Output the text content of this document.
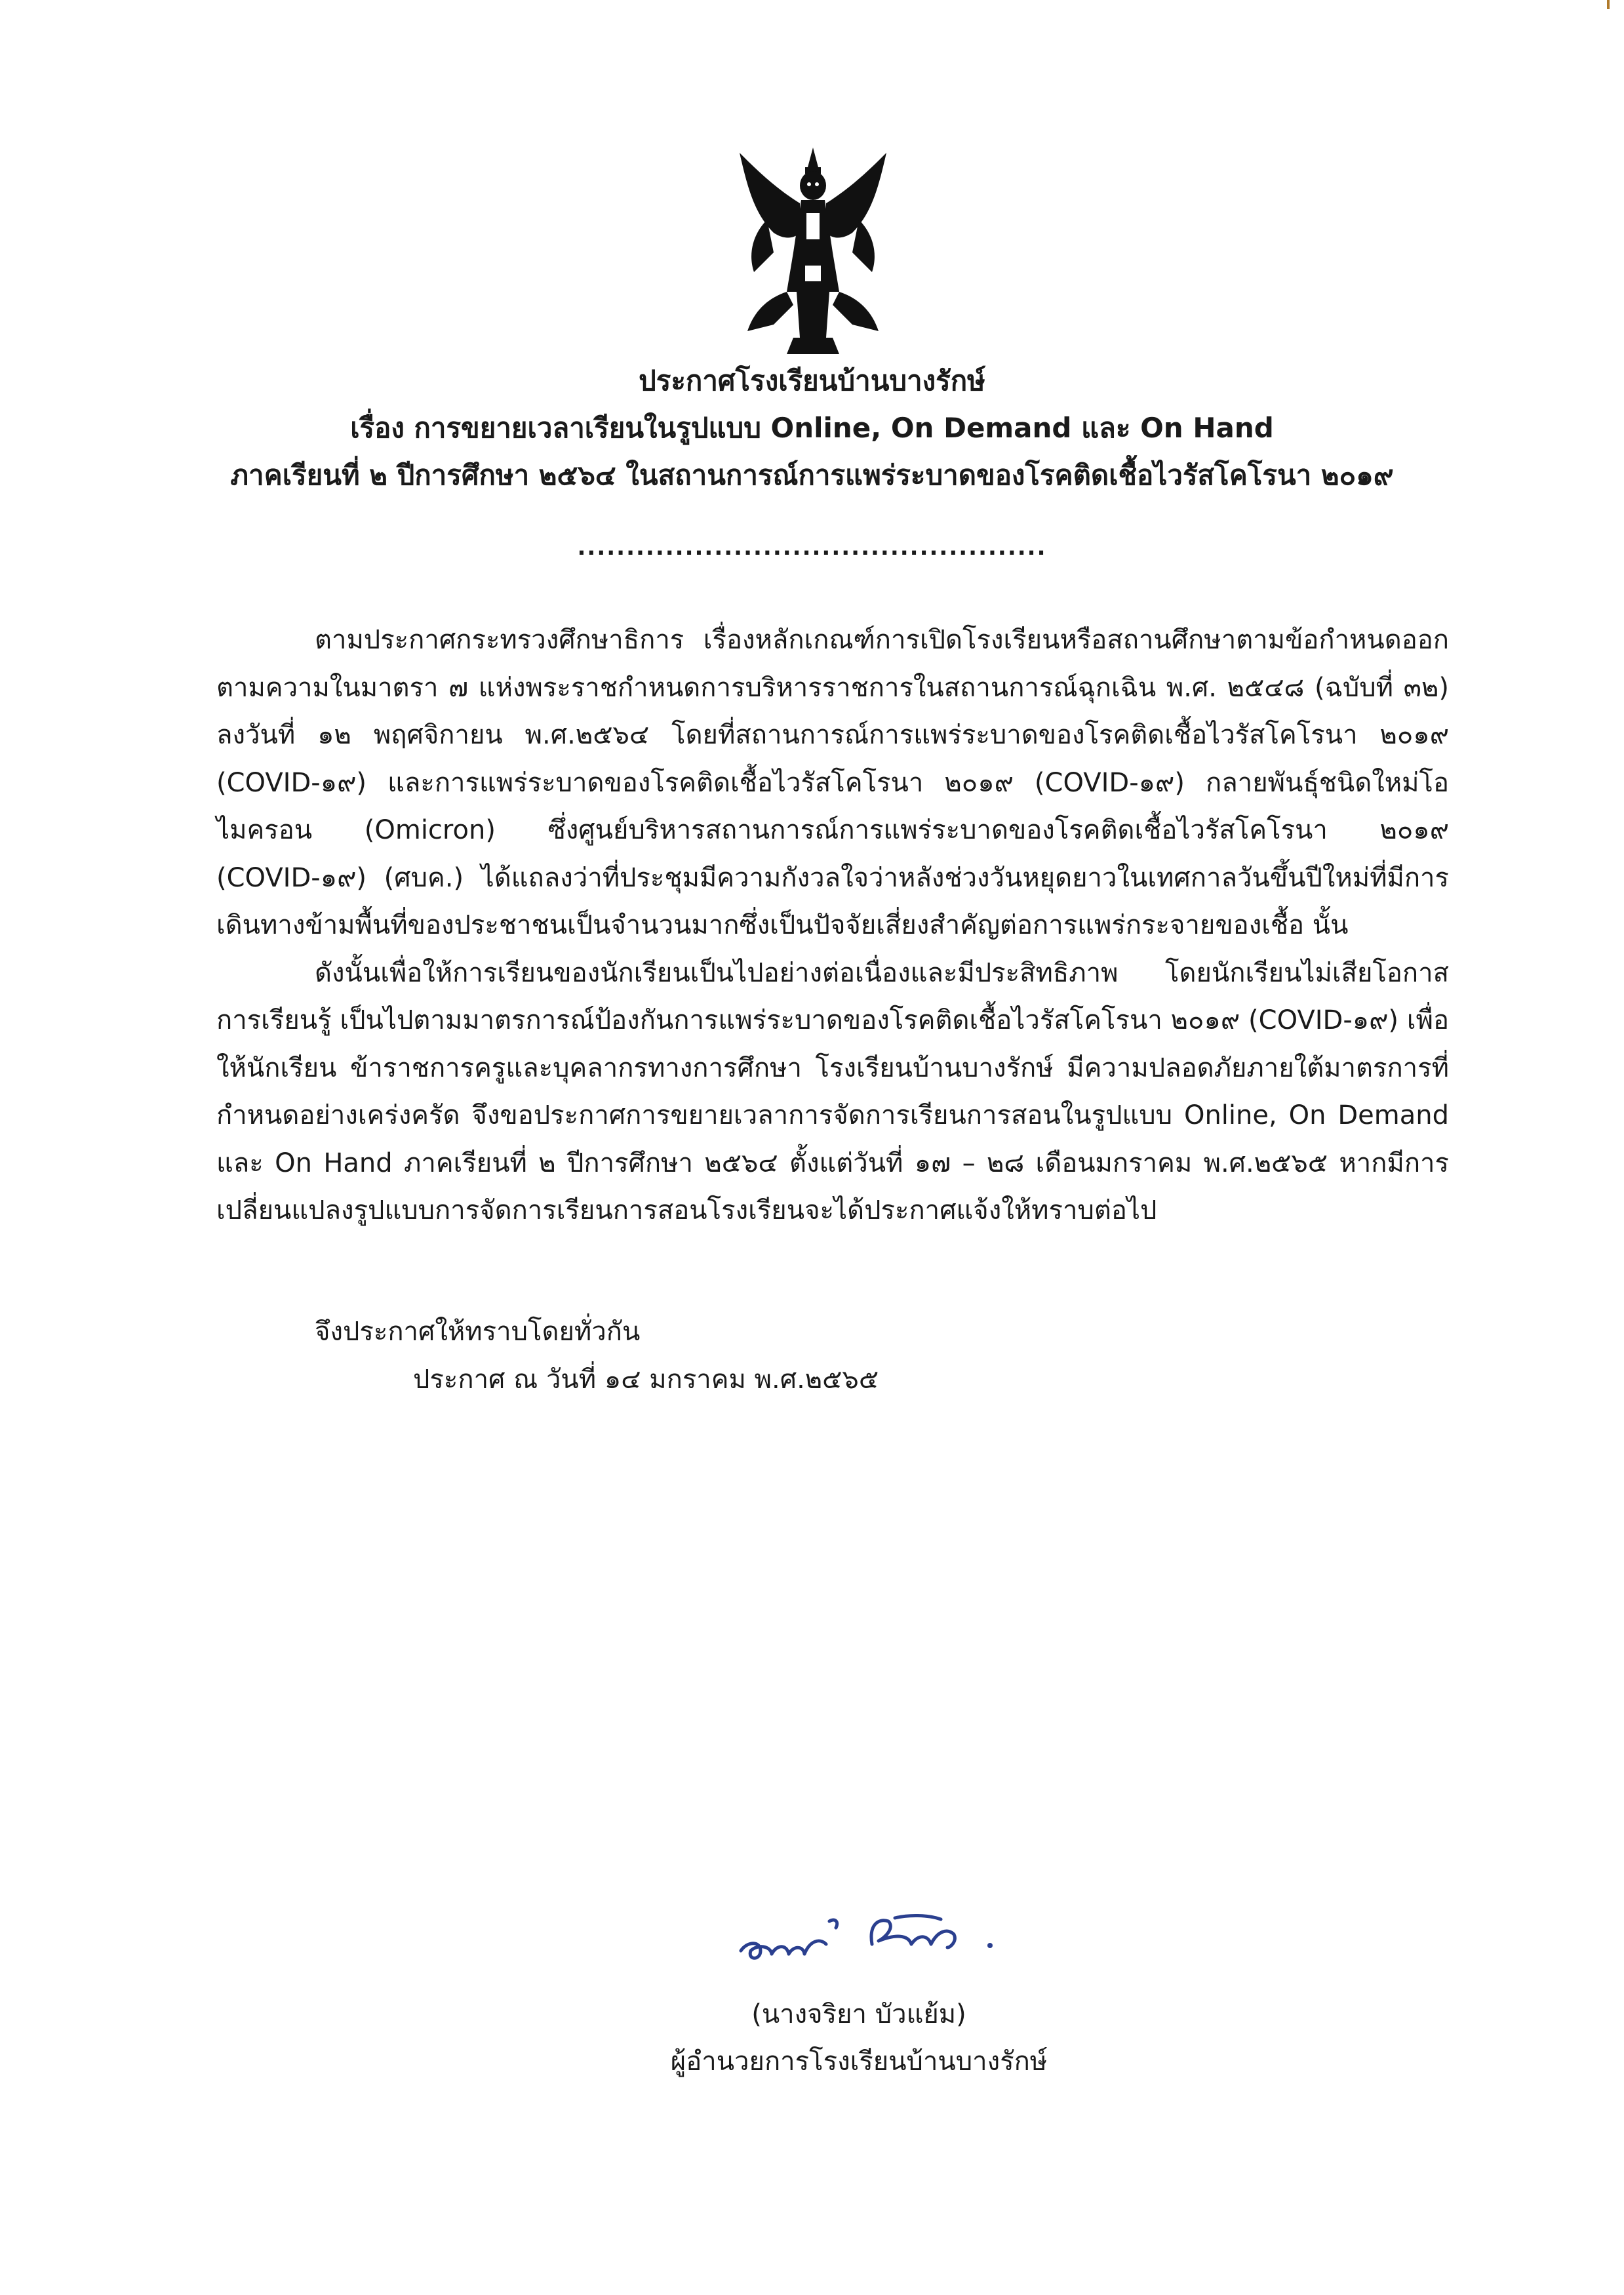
ประกาศโรงเรียนบ้านบางรักษ์
เรื่อง การขยายเวลาเรียนในรูปแบบ Online, On Demand และ On Hand
ภาคเรียนที่ ๒ ปีการศึกษา ๒๕๖๔ ในสถานการณ์การแพร่ระบาดของโรคติดเชื้อไวรัสโคโรนา ๒๐๑๙
................................................

ตามประกาศกระทรวงศึกษาธิการ เรื่องหลักเกณฑ์การเปิดโรงเรียนหรือสถานศึกษาตามข้อกำหนดออกตามความในมาตรา ๗ แห่งพระราชกำหนดการบริหารราชการในสถานการณ์ฉุกเฉิน พ.ศ. ๒๕๔๘ (ฉบับที่ ๓๒) ลงวันที่ ๑๒ พฤศจิกายน พ.ศ.๒๕๖๔ โดยที่สถานการณ์การแพร่ระบาดของโรคติดเชื้อไวรัสโคโรนา ๒๐๑๙ (COVID-๑๙) และการแพร่ระบาดของโรคติดเชื้อไวรัสโคโรนา ๒๐๑๙ (COVID-๑๙) กลายพันธุ์ชนิดใหม่โอไมครอน (Omicron) ซึ่งศูนย์บริหารสถานการณ์การแพร่ระบาดของโรคติดเชื้อไวรัสโคโรนา ๒๐๑๙ (COVID-๑๙) (ศบค.) ได้แถลงว่าที่ประชุมมีความกังวลใจว่าหลังช่วงวันหยุดยาวในเทศกาลวันขึ้นปีใหม่ที่มีการเดินทางข้ามพื้นที่ของประชาชนเป็นจำนวนมากซึ่งเป็นปัจจัยเสี่ยงสำคัญต่อการแพร่กระจายของเชื้อ นั้น

ดังนั้นเพื่อให้การเรียนของนักเรียนเป็นไปอย่างต่อเนื่องและมีประสิทธิภาพ โดยนักเรียนไม่เสียโอกาสการเรียนรู้ เป็นไปตามมาตรการณ์ป้องกันการแพร่ระบาดของโรคติดเชื้อไวรัสโคโรนา ๒๐๑๙ (COVID-๑๙) เพื่อให้นักเรียน ข้าราชการครูและบุคลากรทางการศึกษา โรงเรียนบ้านบางรักษ์ มีความปลอดภัยภายใต้มาตรการที่กำหนดอย่างเคร่งครัด จึงขอประกาศการขยายเวลาการจัดการเรียนการสอนในรูปแบบ Online, On Demand และ On Hand ภาคเรียนที่ ๒ ปีการศึกษา ๒๕๖๔ ตั้งแต่วันที่ ๑๗ – ๒๘ เดือนมกราคม พ.ศ.๒๕๖๕ หากมีการเปลี่ยนแปลงรูปแบบการจัดการเรียนการสอนโรงเรียนจะได้ประกาศแจ้งให้ทราบต่อไป

จึงประกาศให้ทราบโดยทั่วกัน
ประกาศ ณ วันที่ ๑๔ มกราคม พ.ศ.๒๕๖๕
(นางจริยา บัวแย้ม)
ผู้อำนวยการโรงเรียนบ้านบางรักษ์
